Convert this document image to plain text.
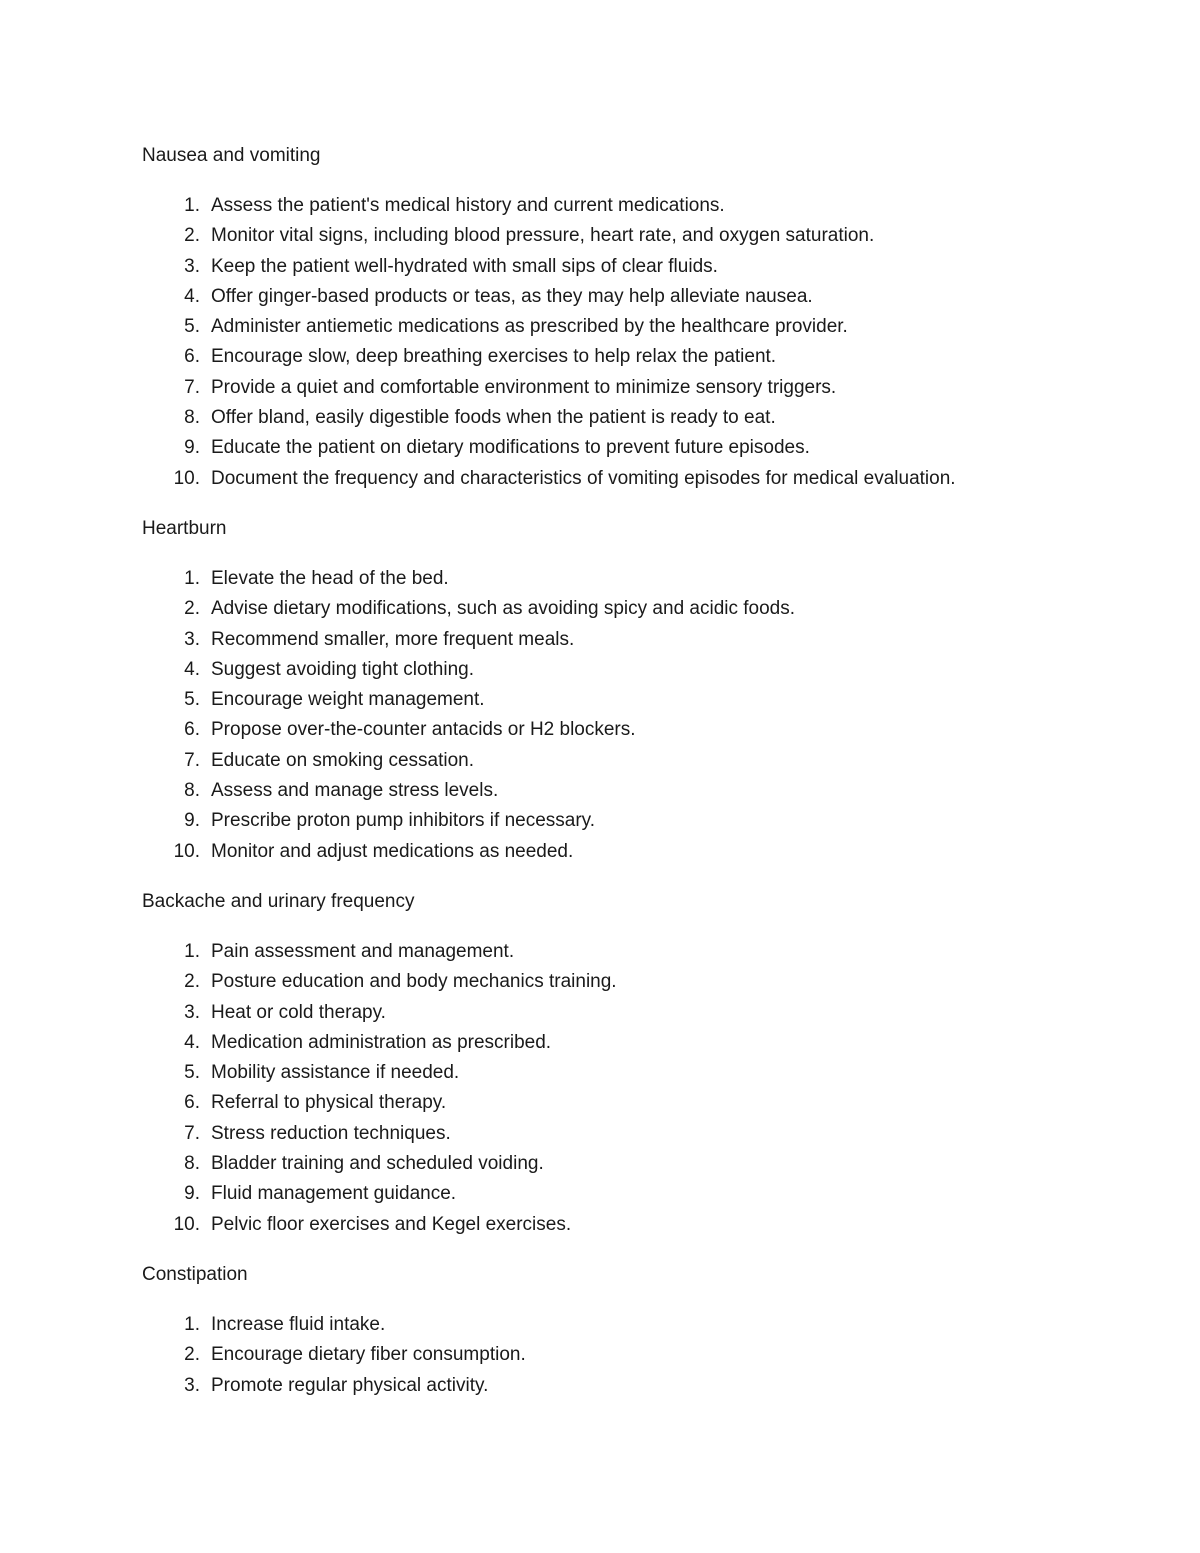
Nausea and vomiting
1. Assess the patient's medical history and current medications.
2. Monitor vital signs, including blood pressure, heart rate, and oxygen saturation.
3. Keep the patient well-hydrated with small sips of clear fluids.
4. Offer ginger-based products or teas, as they may help alleviate nausea.
5. Administer antiemetic medications as prescribed by the healthcare provider.
6. Encourage slow, deep breathing exercises to help relax the patient.
7. Provide a quiet and comfortable environment to minimize sensory triggers.
8. Offer bland, easily digestible foods when the patient is ready to eat.
9. Educate the patient on dietary modifications to prevent future episodes.
10. Document the frequency and characteristics of vomiting episodes for medical evaluation.
Heartburn
1. Elevate the head of the bed.
2. Advise dietary modifications, such as avoiding spicy and acidic foods.
3. Recommend smaller, more frequent meals.
4. Suggest avoiding tight clothing.
5. Encourage weight management.
6. Propose over-the-counter antacids or H2 blockers.
7. Educate on smoking cessation.
8. Assess and manage stress levels.
9. Prescribe proton pump inhibitors if necessary.
10. Monitor and adjust medications as needed.
Backache and urinary frequency
1. Pain assessment and management.
2. Posture education and body mechanics training.
3. Heat or cold therapy.
4. Medication administration as prescribed.
5. Mobility assistance if needed.
6. Referral to physical therapy.
7. Stress reduction techniques.
8. Bladder training and scheduled voiding.
9. Fluid management guidance.
10. Pelvic floor exercises and Kegel exercises.
Constipation
1. Increase fluid intake.
2. Encourage dietary fiber consumption.
3. Promote regular physical activity.
